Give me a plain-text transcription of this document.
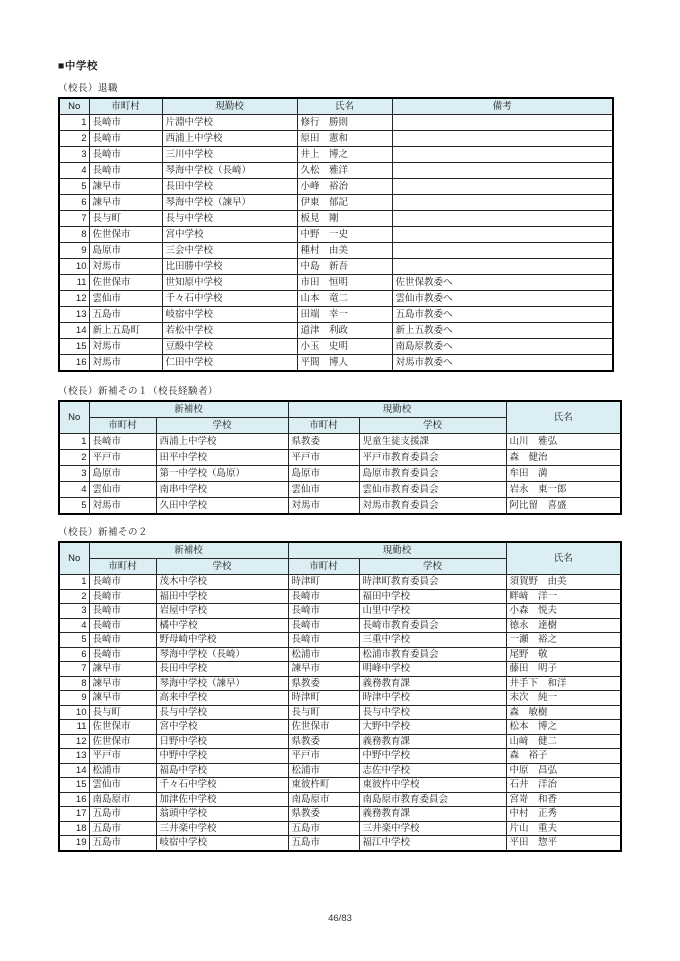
■中学校
（校長）退職
No	市町村	現勤校	氏名	備考
1	長崎市	片淵中学校	修行　勝則	
2	長崎市	西浦上中学校	原田　憲和	
3	長崎市	三川中学校	井上　博之	
4	長崎市	琴海中学校（長崎）	久松　雅洋	
5	諫早市	長田中学校	小峰　裕治	
6	諫早市	琴海中学校（諫早）	伊東　郁記	
7	長与町	長与中学校	板見　剛	
8	佐世保市	宮中学校	中野　一史	
9	島原市	三会中学校	種村　由美	
10	対馬市	比田勝中学校	中島　新吾	
11	佐世保市	世知原中学校	市田　恒明	佐世保教委へ
12	雲仙市	千々石中学校	山本　竜二	雲仙市教委へ
13	五島市	岐宿中学校	田端　幸一	五島市教委へ
14	新上五島町	若松中学校	道津　利政	新上五教委へ
15	対馬市	豆酘中学校	小玉　史明	南島原教委へ
16	対馬市	仁田中学校	平間　博人	対馬市教委へ
（校長）新補その１（校長経験者）
No	新補校		現勤校		氏名
	市町村	学校	市町村	学校	
1	長崎市	西浦上中学校	県教委	児童生徒支援課	山川　雅弘
2	平戸市	田平中学校	平戸市	平戸市教育委員会	森　健治
3	島原市	第一中学校（島原）	島原市	島原市教育委員会	牟田　満
4	雲仙市	南串中学校	雲仙市	雲仙市教育委員会	岩永　東一郎
5	対馬市	久田中学校	対馬市	対馬市教育委員会	阿比留　喜盛
（校長）新補その２
No	新補校		現勤校		氏名
	市町村	学校	市町村	学校	
1	長崎市	茂木中学校	時津町	時津町教育委員会	須賀野　由美
2	長崎市	福田中学校	長崎市	福田中学校	畔﨑　洋一
3	長崎市	岩屋中学校	長崎市	山里中学校	小森　悦夫
4	長崎市	橘中学校	長崎市	長崎市教育委員会	徳永　達樹
5	長崎市	野母崎中学校	長崎市	三重中学校	一瀬　裕之
6	長崎市	琴海中学校（長崎）	松浦市	松浦市教育委員会	尾野　敬
7	諫早市	長田中学校	諫早市	明峰中学校	藤田　明子
8	諫早市	琴海中学校（諫早）	県教委	義務教育課	井手下　和洋
9	諫早市	高来中学校	時津町	時津中学校	末次　純一
10	長与町	長与中学校	長与町	長与中学校	森　敏樹
11	佐世保市	宮中学校	佐世保市	大野中学校	松本　博之
12	佐世保市	日野中学校	県教委	義務教育課	山﨑　健二
13	平戸市	中野中学校	平戸市	中野中学校	森　裕子
14	松浦市	福島中学校	松浦市	志佐中学校	中原　昌弘
15	雲仙市	千々石中学校	東彼杵町	東彼杵中学校	石井　洋治
16	南島原市	加津佐中学校	南島原市	南島原市教育委員会	宮嵜　和香
17	五島市	翁頭中学校	県教委	義務教育課	中村　正秀
18	五島市	三井楽中学校	五島市	三井楽中学校	片山　重夫
19	五島市	岐宿中学校	五島市	福江中学校	平田　惣平
46/83
